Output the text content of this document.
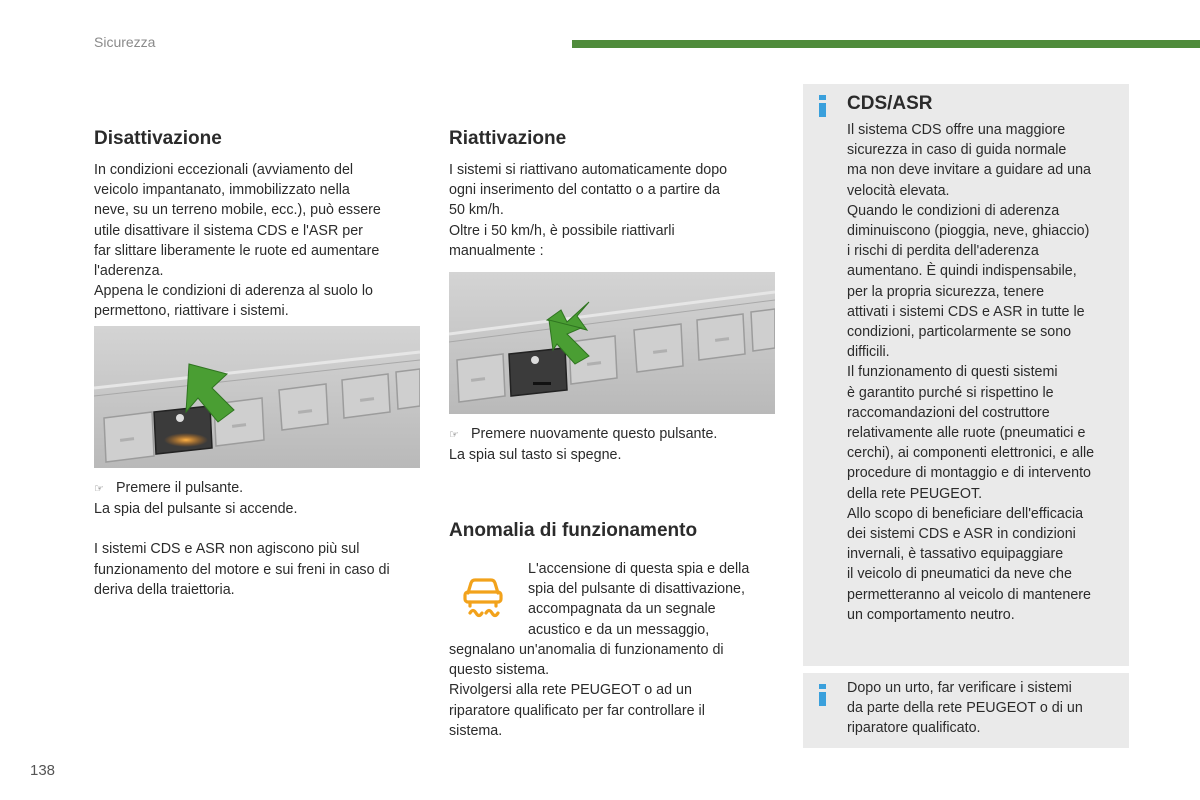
Sicurezza
Disattivazione

In condizioni eccezionali (avviamento del
veicolo impantanato, immobilizzato nella
neve, su un terreno mobile, ecc.), può essere
utile disattivare il sistema CDS e l'ASR per
far slittare liberamente le ruote ed aumentare
l'aderenza.
Appena le condizioni di aderenza al suolo lo
permettono, riattivare i sistemi.

☞ Premere il pulsante.

La spia del pulsante si accende.

I sistemi CDS e ASR non agiscono più sul
funzionamento del motore e sui freni in caso di
deriva della traiettoria.

Riattivazione

I sistemi si riattivano automaticamente dopo
ogni inserimento del contatto o a partire da
50 km/h.
Oltre i 50 km/h, è possibile riattivarli
manualmente :

☞ Premere nuovamente questo pulsante.

La spia sul tasto si spegne.

Anomalia di funzionamento

L'accensione di questa spia e della
spia del pulsante di disattivazione,
accompagnata da un segnale
acustico e da un messaggio,

segnalano un'anomalia di funzionamento di
questo sistema.
Rivolgersi alla rete PEUGEOT o ad un
riparatore qualificato per far controllare il
sistema.

CDS/ASR

Il sistema CDS offre una maggiore
sicurezza in caso di guida normale
ma non deve invitare a guidare ad una
velocità elevata.
Quando le condizioni di aderenza
diminuiscono (pioggia, neve, ghiaccio)
i rischi di perdita dell'aderenza
aumentano. È quindi indispensabile,
per la propria sicurezza, tenere
attivati i sistemi CDS e ASR in tutte le
condizioni, particolarmente se sono
difficili.
Il funzionamento di questi sistemi
è garantito purché si rispettino le
raccomandazioni del costruttore
relativamente alle ruote (pneumatici e
cerchi), ai componenti elettronici, e alle
procedure di montaggio e di intervento
della rete PEUGEOT.
Allo scopo di beneficiare dell'efficacia
dei sistemi CDS e ASR in condizioni
invernali, è tassativo equipaggiare
il veicolo di pneumatici da neve che
permetteranno al veicolo di mantenere
un comportamento neutro.

Dopo un urto, far verificare i sistemi
da parte della rete PEUGEOT o di un
riparatore qualificato.

138
